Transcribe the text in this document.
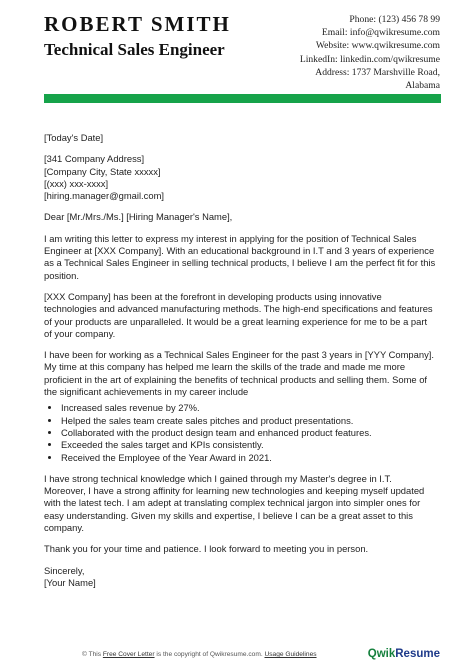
ROBERT SMITH
Technical Sales Engineer
Phone: (123) 456 78 99
Email: info@qwikresume.com
Website: www.qwikresume.com
LinkedIn: linkedin.com/qwikresume
Address: 1737 Marshville Road,
Alabama

[Today's Date]

[341 Company Address]
[Company City, State xxxxx]
[(xxx) xxx-xxxx]
[hiring.manager@gmail.com]

Dear [Mr./Mrs./Ms.] [Hiring Manager's Name],

I am writing this letter to express my interest in applying for the position of Technical Sales Engineer at [XXX Company]. With an educational background in I.T and 3 years of experience as a Technical Sales Engineer in selling technical products, I believe I am the perfect fit for this position.

[XXX Company] has been at the forefront in developing products using innovative technologies and advanced manufacturing methods. The high-end specifications and features of your products are unparalleled. It would be a great learning experience for me to be a part of your company.

I have been for working as a Technical Sales Engineer for the past 3 years in [YYY Company]. My time at this company has helped me learn the skills of the trade and made me more proficient in the art of explaining the benefits of technical products and selling them. Some of the significant achievements in my career include

• Increased sales revenue by 27%.
• Helped the sales team create sales pitches and product presentations.
• Collaborated with the product design team and enhanced product features.
• Exceeded the sales target and KPIs consistently.
• Received the Employee of the Year Award in 2021.

I have strong technical knowledge which I gained through my Master's degree in I.T. Moreover, I have a strong affinity for learning new technologies and keeping myself updated with the latest tech. I am adept at translating complex technical jargon into simpler ones for easy understanding. Given my skills and expertise, I believe I can be a great asset to this company.

Thank you for your time and patience. I look forward to meeting you in person.

Sincerely,
[Your Name]

© This Free Cover Letter is the copyright of Qwikresume.com. Usage Guidelines	QwikResume
